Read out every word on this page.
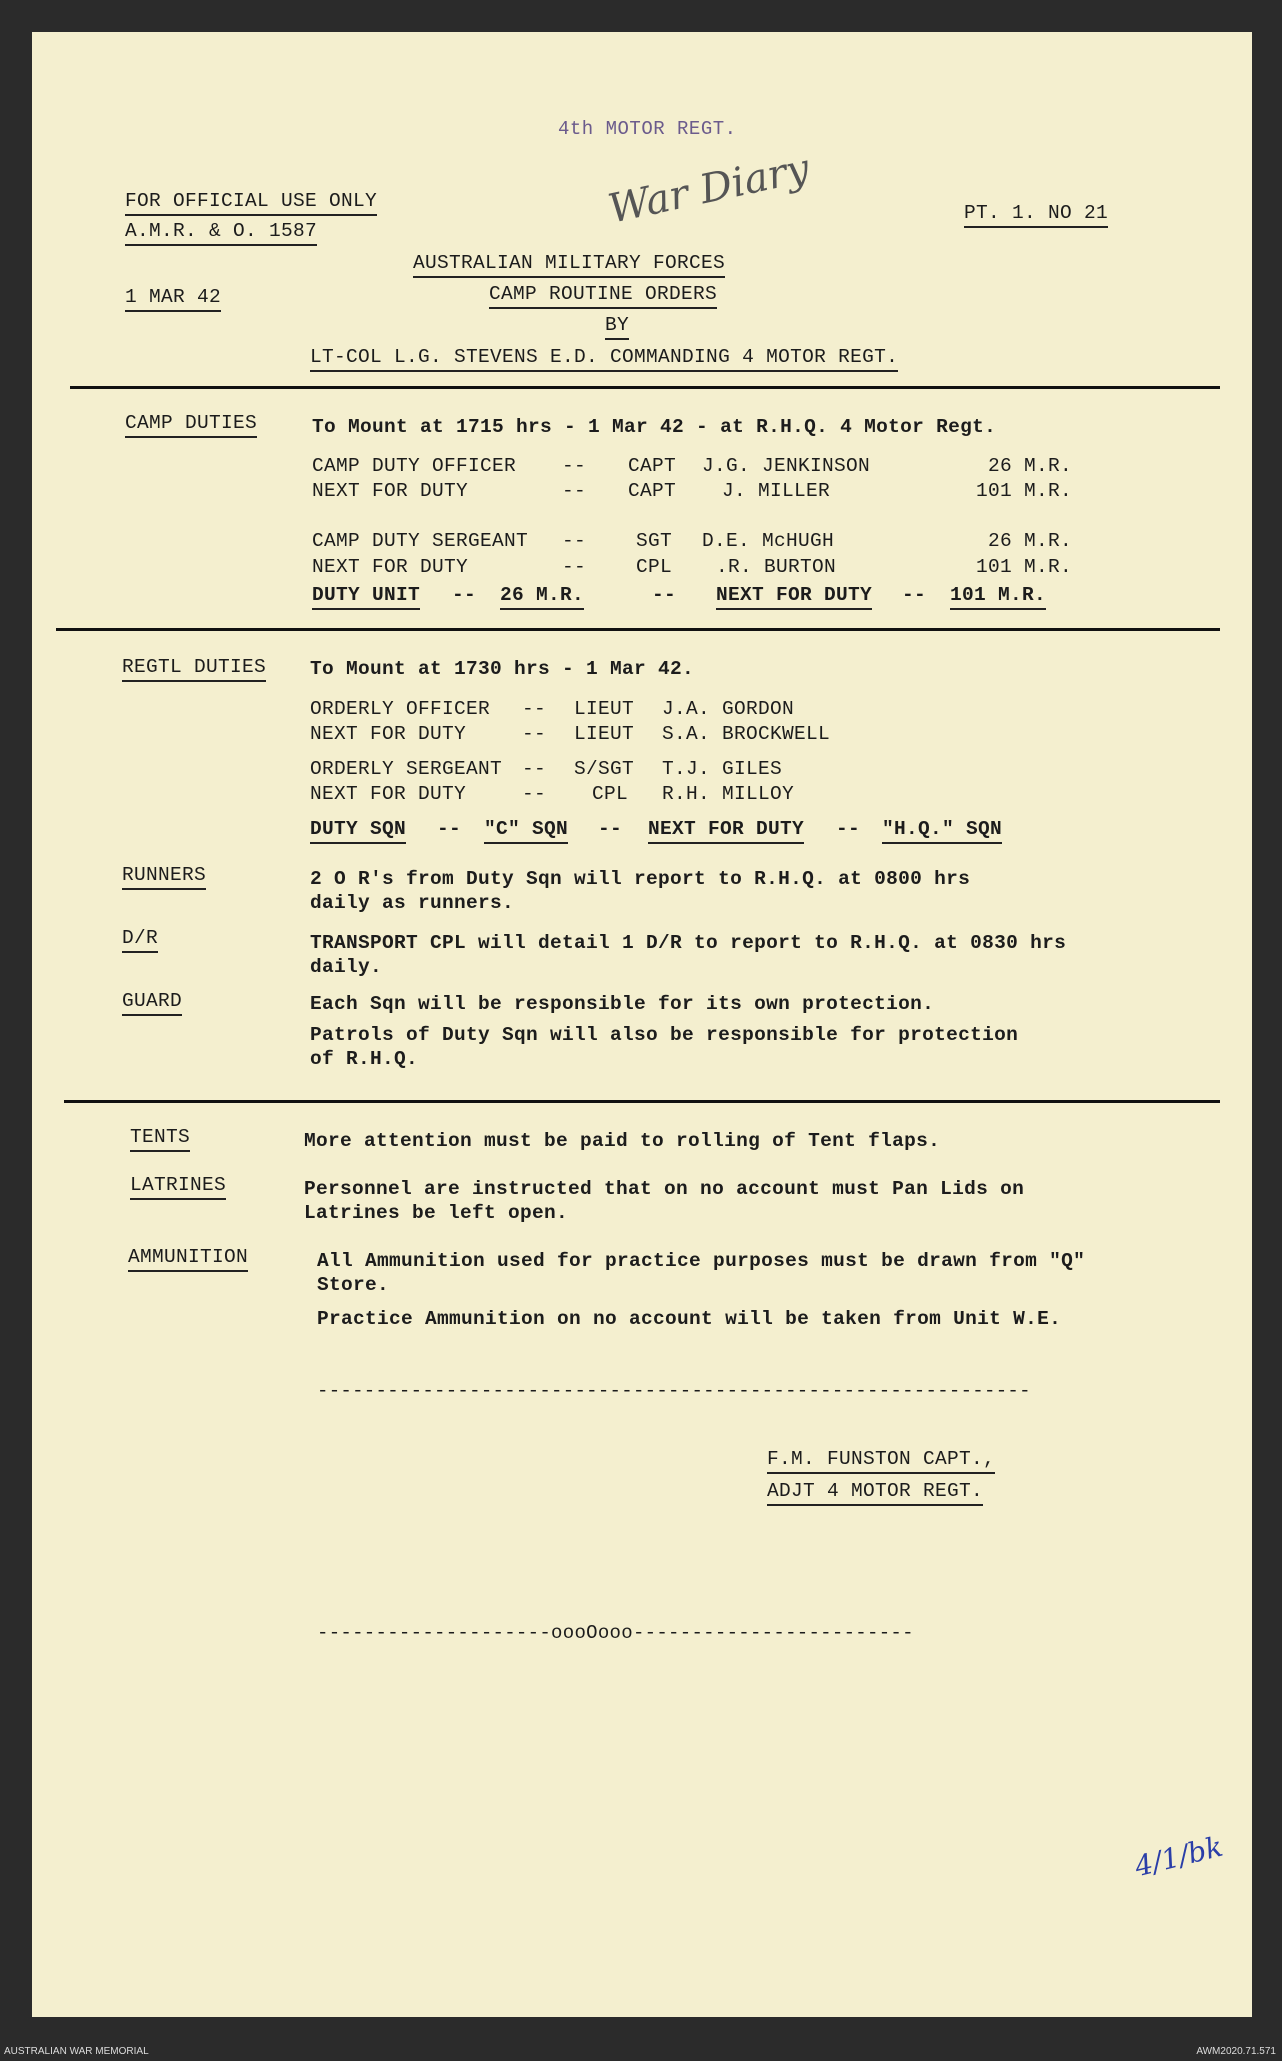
4th MOTOR REGT.
War Diary
FOR OFFICIAL USE ONLY
A.M.R. & O. 1587
PT. 1. NO 21
1 MAR 42
AUSTRALIAN MILITARY FORCES
CAMP ROUTINE ORDERS
BY
LT-COL L.G. STEVENS E.D. COMMANDING 4 MOTOR REGT.
CAMP DUTIES	To Mount at 1715 hrs - 1 Mar 42 - at R.H.Q. 4 Motor Regt.
CAMP DUTY OFFICER -- CAPT J.G. JENKINSON	26 M.R.
NEXT FOR DUTY	-- CAPT J. MILLER	101 M.R.
CAMP DUTY SERGEANT --	SGT D.E. McHUGH	26 M.R.
NEXT FOR DUTY	--	CPL .R. BURTON	101 M.R.
DUTY UNIT -- 26 M.R.	-- NEXT FOR DUTY -- 101 M.R.
REGTL DUTIES To Mount at 1730 hrs - 1 Mar 42.
ORDERLY OFFICER -- LIEUT J.A. GORDON
NEXT FOR DUTY	-- LIEUT S.A. BROCKWELL
ORDERLY SERGEANT -- S/SGT T.J. GILES
NEXT FOR DUTY	-- CPL R.H. MILLOY
DUTY SQN -- "C" SQN -- NEXT FOR DUTY -- "H.Q." SQN
RUNNERS	2 O R's from Duty Sqn will report to R.H.Q. at 0800 hrs
daily as runners.
D/R	TRANSPORT CPL will detail 1 D/R to report to R.H.Q. at 0830 hrs
daily.
GUARD	Each Sqn will be responsible for its own protection.
Patrols of Duty Sqn will also be responsible for protection
of R.H.Q.
TENTS	More attention must be paid to rolling of Tent flaps.
LATRINES	Personnel are instructed that on no account must Pan Lids on
Latrines be left open.
AMMUNITION	All Ammunition used for practice purposes must be drawn from "Q"
Store.
Practice Ammunition on no account will be taken from Unit W.E.
-------------------------------------------------------------
F.M. FUNSTON CAPT.,
ADJT 4 MOTOR REGT.
--------------------oooOooo------------------------
4/1/bk
AUSTRALIAN WAR MEMORIAL	AWM2020.71.571
